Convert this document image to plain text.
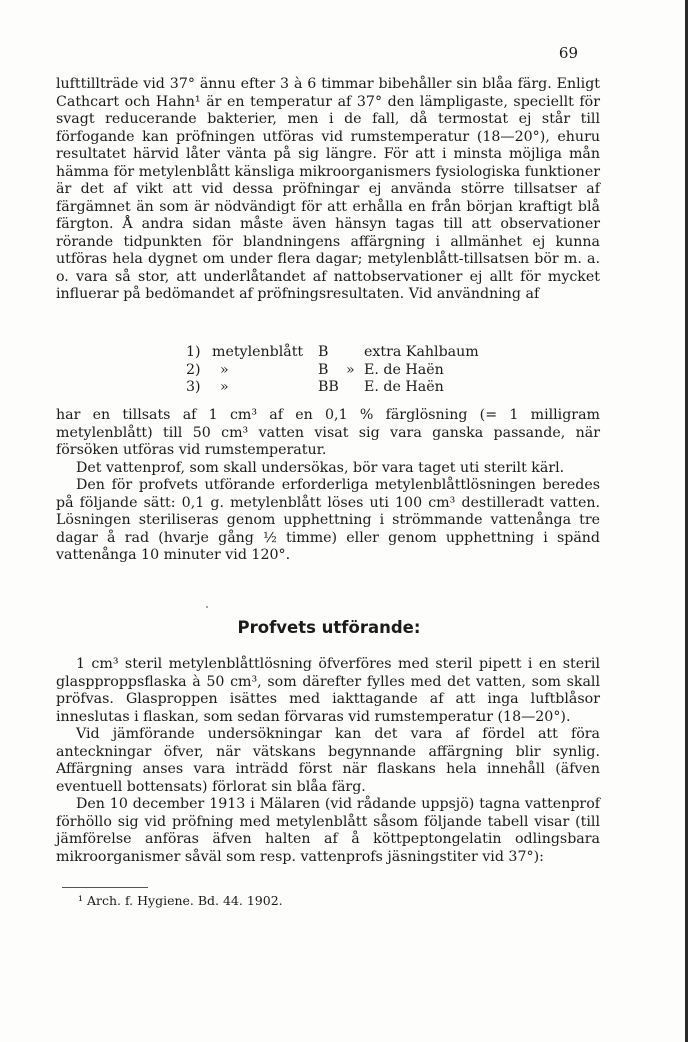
69

lufttillträde vid 37° ännu efter 3 à 6 timmar bibehåller sin blåa färg. Enligt Cathcart och Hahn¹ är en temperatur af 37° den lämpligaste, speciellt för svagt reducerande bakterier, men i de fall, då termostat ej står till förfogande kan pröfningen utföras vid rumstemperatur (18—20°), ehuru resultatet härvid låter vänta på sig längre. För att i minsta möjliga mån hämma för metylenblått känsliga mikroorganismers fysiologiska funktioner är det af vikt att vid dessa pröfningar ej använda större tillsatser af färgämnet än som är nödvändigt för att erhålla en från början kraftigt blå färgton. Å andra sidan måste även hänsyn tagas till att observationer rörande tidpunkten för blandningens affärgning i allmänhet ej kunna utföras hela dygnet om under flera dagar; metylenblått-tillsatsen bör m. a. o. vara så stor, att underlåtandet af nattobservationer ej allt för mycket influerar på bedömandet af pröfningsresultaten. Vid användning af

1) metylenblått	B	extra Kahlbaum
2)	»	B	» E. de Haën
3)	»	BB	E. de Haën

har en tillsats af 1 cm³ af en 0,1 % färglösning (= 1 milligram metylenblått) till 50 cm³ vatten visat sig vara ganska passande, när försöken utföras vid rumstemperatur.

Det vattenprof, som skall undersökas, bör vara taget uti sterilt kärl.

Den för profvets utförande erforderliga metylenblåttlösningen beredes på följande sätt: 0,1 g. metylenblått löses uti 100 cm³ destilleradt vatten. Lösningen steriliseras genom upphettning i strömmande vattenånga tre dagar å rad (hvarje gång ½ timme) eller genom upphettning i spänd vattenånga 10 minuter vid 120°.

Profvets utförande:

1 cm³ steril metylenblåttlösning öfverföres med steril pipett i en steril glaspproppsflaska à 50 cm³, som därefter fylles med det vatten, som skall pröfvas. Glasproppen isättes med iakttagande af att inga luftblåsor inneslutas i flaskan, som sedan förvaras vid rumstemperatur (18—20°).

Vid jämförande undersökningar kan det vara af fördel att föra anteckningar öfver, när vätskans begynnande affärgning blir synlig. Affärgning anses vara inträdd först när flaskans hela innehåll (äfven eventuell bottensats) förlorat sin blåa färg.

Den 10 december 1913 i Mälaren (vid rådande uppsjö) tagna vattenprof förhöllo sig vid pröfning med metylenblått såsom följande tabell visar (till jämförelse anföras äfven halten af å köttpeptongelatin odlingsbara mikroorganismer såväl som resp. vattenprofs jäsningstiter vid 37°):

¹ Arch. f. Hygiene. Bd. 44. 1902.
